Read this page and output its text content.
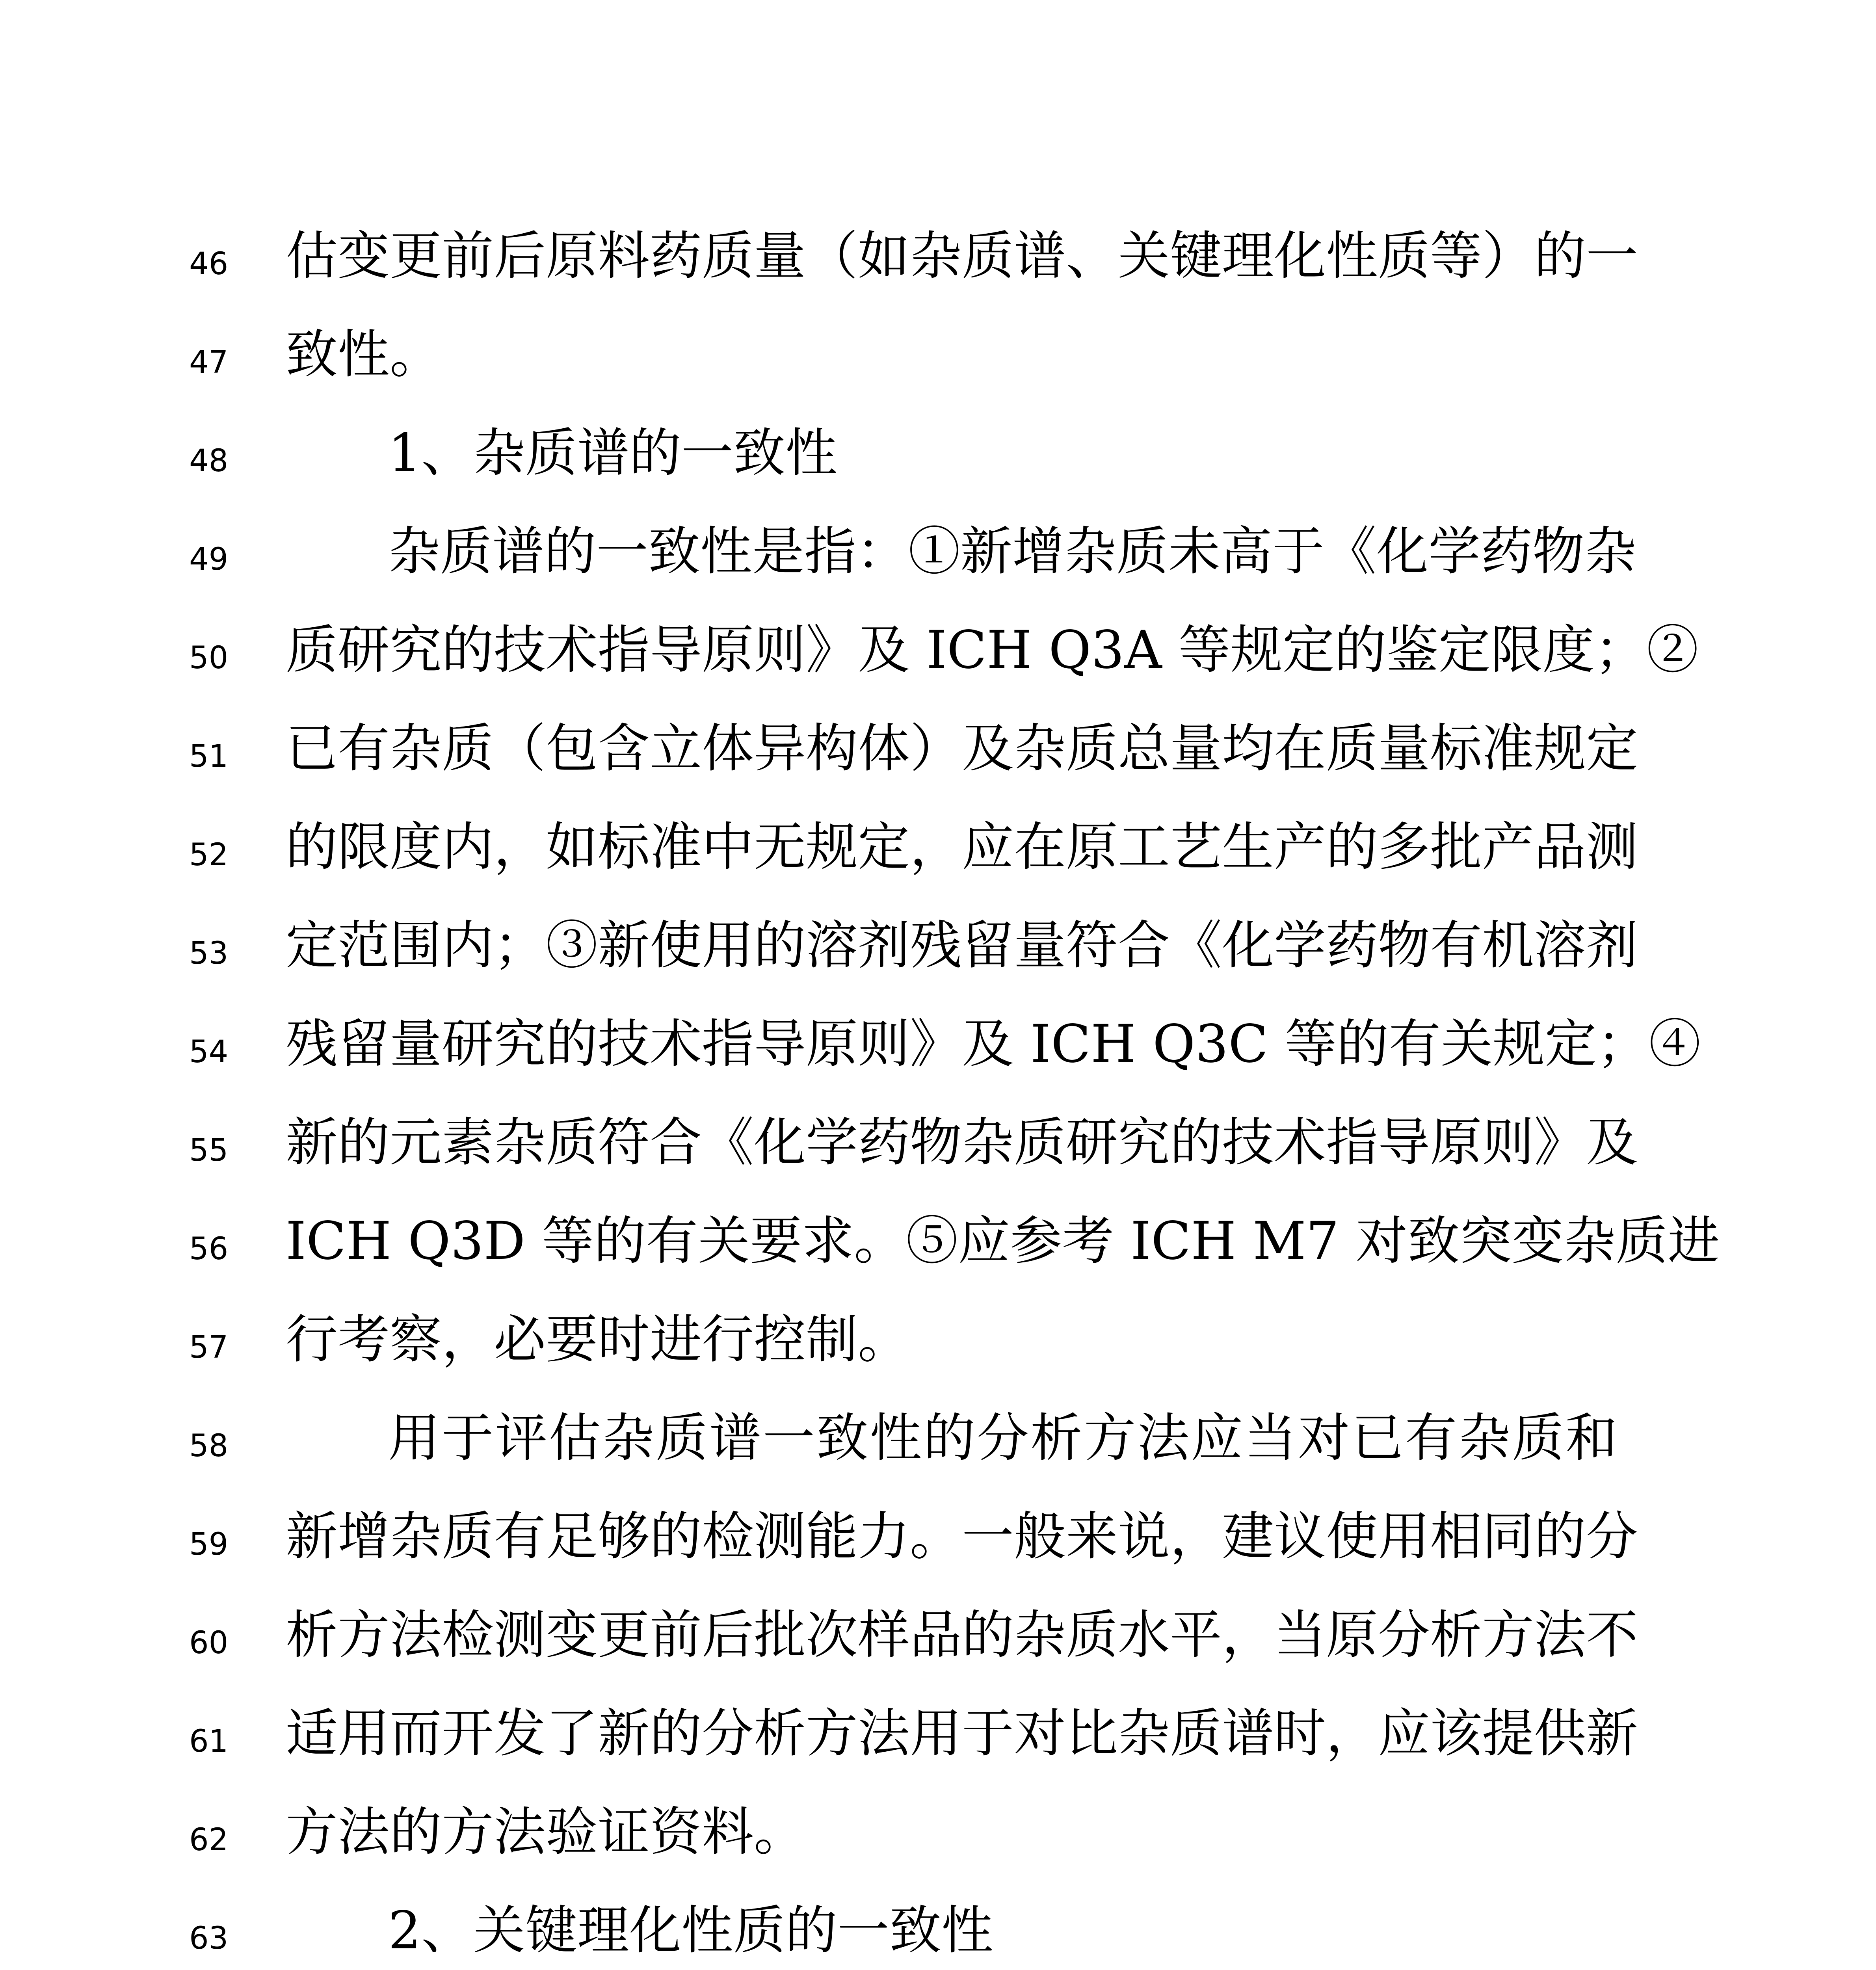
46	估变更前后原料药质量（如杂质谱、关键理化性质等）的一
47	致性。
48	1、杂质谱的一致性
49	杂质谱的一致性是指：①新增杂质未高于《化学药物杂
50	质研究的技术指导原则》及 ICH Q3A 等规定的鉴定限度；②
51	已有杂质（包含立体异构体）及杂质总量均在质量标准规定
52	的限度内，如标准中无规定，应在原工艺生产的多批产品测
53	定范围内；③新使用的溶剂残留量符合《化学药物有机溶剂
54	残留量研究的技术指导原则》及 ICH Q3C 等的有关规定；④
55	新的元素杂质符合《化学药物杂质研究的技术指导原则》及
56	ICH Q3D 等的有关要求。⑤应参考 ICH M7 对致突变杂质进
57	行考察，必要时进行控制。
58	用于评估杂质谱一致性的分析方法应当对已有杂质和
59	新增杂质有足够的检测能力。一般来说，建议使用相同的分
60	析方法检测变更前后批次样品的杂质水平，当原分析方法不
61	适用而开发了新的分析方法用于对比杂质谱时，应该提供新
62	方法的方法验证资料。
63	2、关键理化性质的一致性
